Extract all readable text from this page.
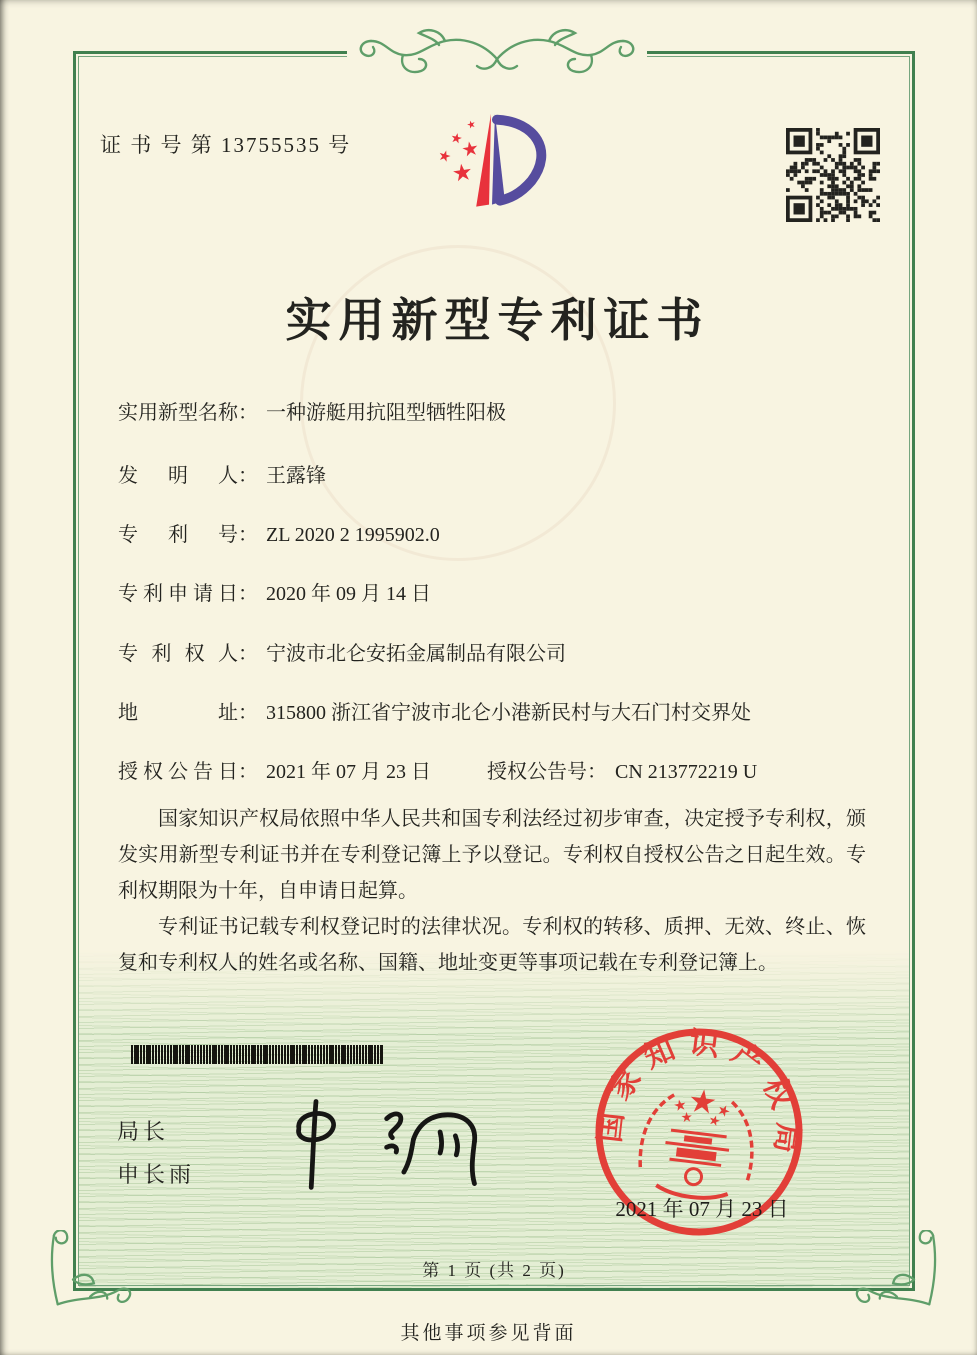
证 书 号 第 13755535 号
实用新型专利证书
实用新型名称： 一种游艇用抗阻型牺牲阳极
发明人： 王露锋
专利号： ZL 2020 2 1995902.0
专利申请日： 2020 年 09 月 14 日
专利权人： 宁波市北仑安拓金属制品有限公司
地址： 315800 浙江省宁波市北仑小港新民村与大石门村交界处
授权公告日： 2021 年 07 月 23 日	授权公告号： CN 213772219 U

国家知识产权局依照中华人民共和国专利法经过初步审查，决定授予专利权，颁发实用新型专利证书并在专利登记簿上予以登记。专利权自授权公告之日起生效。专利权期限为十年，自申请日起算。

专利证书记载专利权登记时的法律状况。专利权的转移、质押、无效、终止、恢复和专利权人的姓名或名称、国籍、地址变更等事项记载在专利登记簿上。

局长
申长雨
国家知识产权局
2021 年 07 月 23 日
第 1 页 (共 2 页)
其他事项参见背面
